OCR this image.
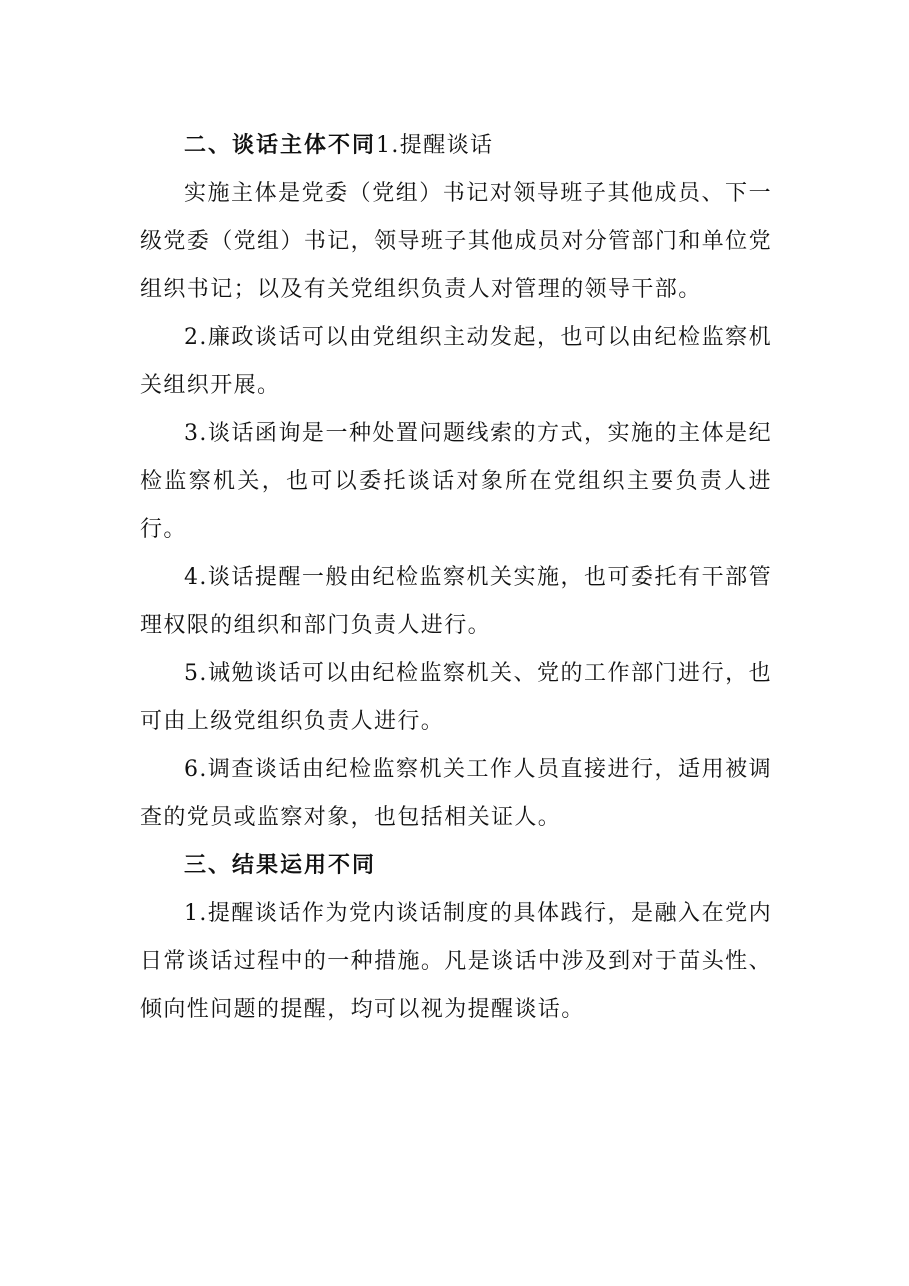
二、谈话主体不同1.提醒谈话

实施主体是党委（党组）书记对领导班子其他成员、下一级党委（党组）书记，领导班子其他成员对分管部门和单位党组织书记；以及有关党组织负责人对管理的领导干部。

2.廉政谈话可以由党组织主动发起，也可以由纪检监察机关组织开展。

3.谈话函询是一种处置问题线索的方式，实施的主体是纪检监察机关，也可以委托谈话对象所在党组织主要负责人进行。

4.谈话提醒一般由纪检监察机关实施，也可委托有干部管理权限的组织和部门负责人进行。

5.诫勉谈话可以由纪检监察机关、党的工作部门进行，也可由上级党组织负责人进行。

6.调查谈话由纪检监察机关工作人员直接进行，适用被调查的党员或监察对象，也包括相关证人。

三、结果运用不同

1.提醒谈话作为党内谈话制度的具体践行，是融入在党内日常谈话过程中的一种措施。凡是谈话中涉及到对于苗头性、倾向性问题的提醒，均可以视为提醒谈话。
